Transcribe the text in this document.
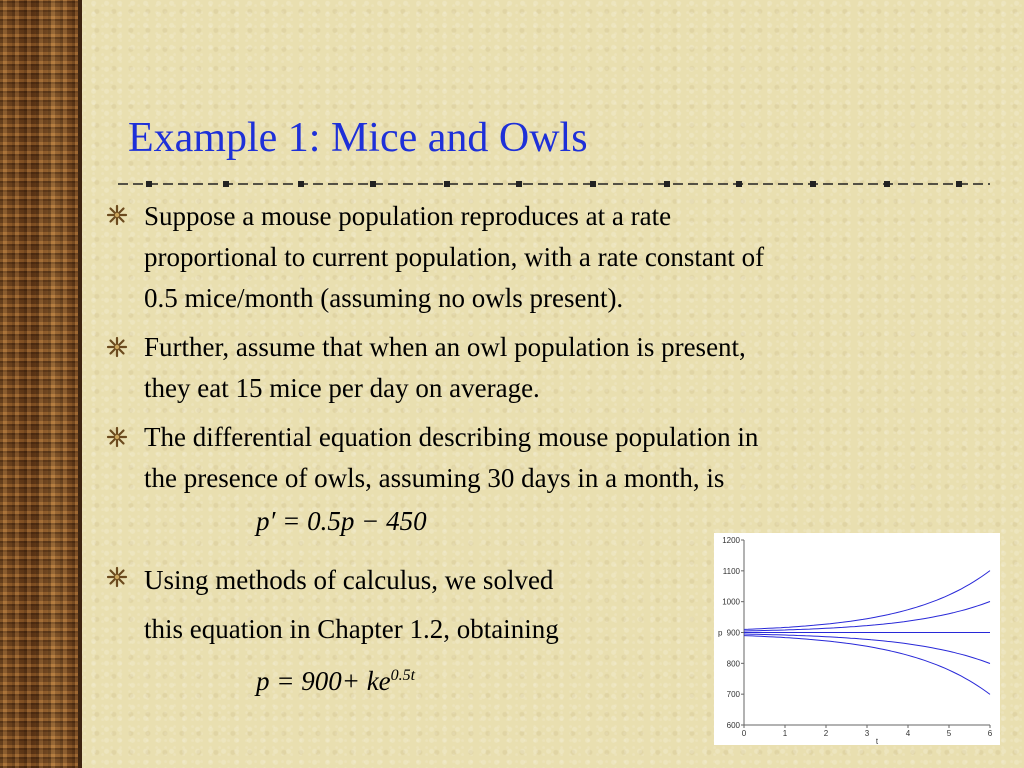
Example 1: Mice and Owls
Suppose a mouse population reproduces at a rate
proportional to current population, with a rate constant of
0.5 mice/month (assuming no owls present).
Further, assume that when an owl population is present,
they eat 15 mice per day on average.
The differential equation describing mouse population in
the presence of owls, assuming 30 days in a month, is
p′ = 0.5p − 450
Using methods of calculus, we solved
this equation in Chapter 1.2, obtaining
$p = 900+ ke^{0.5t}$
600
700
800
900
1000
1100
1200
0	1	2	3	4	5	6
t
p
